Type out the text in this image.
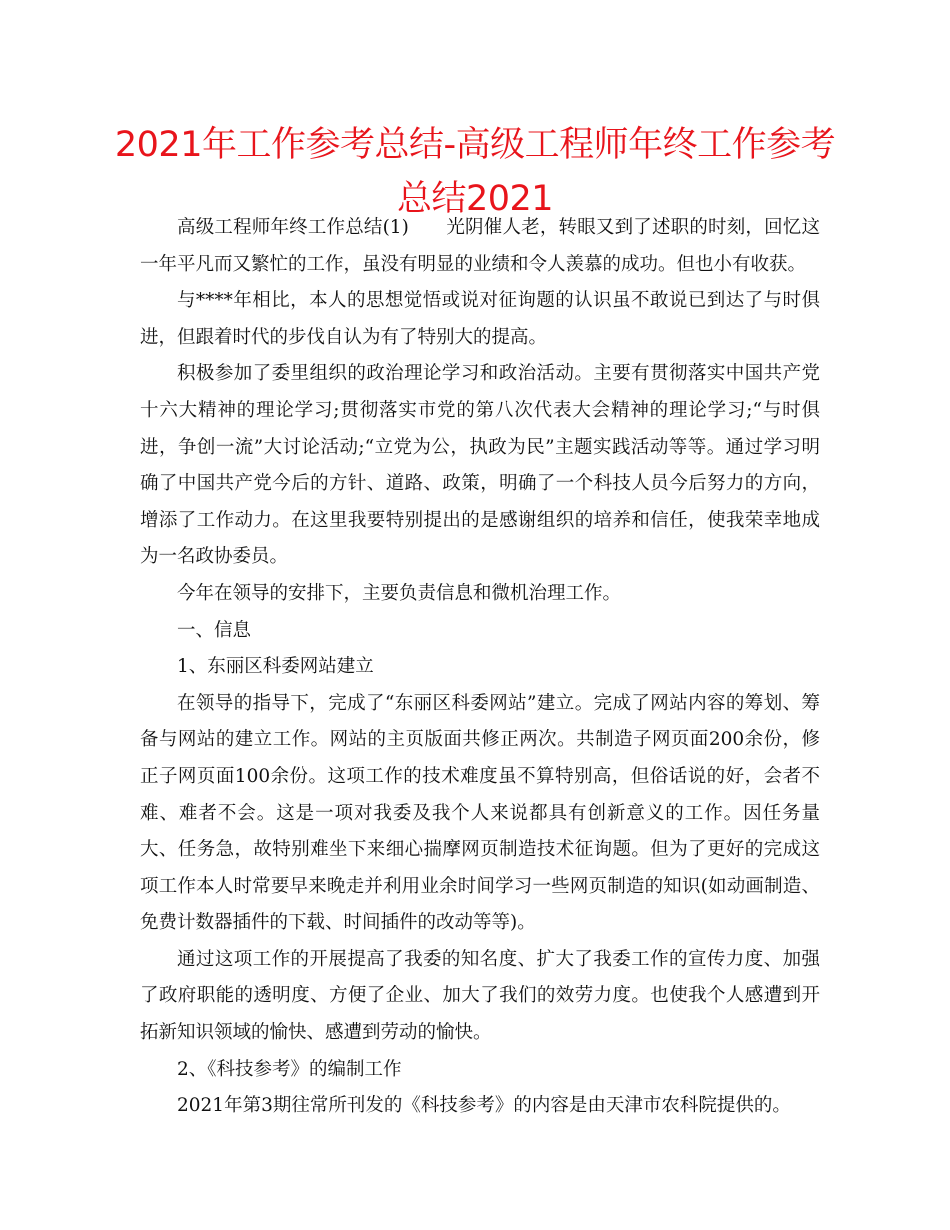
2021年工作参考总结-高级工程师年终工作参考
总结2021

高级工程师年终工作总结(1)　　光阴催人老，转眼又到了述职的时刻，回忆这一年平凡而又繁忙的工作，虽没有明显的业绩和令人羡慕的成功。但也小有收获。

与****年相比，本人的思想觉悟或说对征询题的认识虽不敢说已到达了与时俱进，但跟着时代的步伐自认为有了特别大的提高。

积极参加了委里组织的政治理论学习和政治活动。主要有贯彻落实中国共产党十六大精神的理论学习;贯彻落实市党的第八次代表大会精神的理论学习;“与时俱进，争创一流”大讨论活动;“立党为公，执政为民”主题实践活动等等。通过学习明确了中国共产党今后的方针、道路、政策，明确了一个科技人员今后努力的方向，增添了工作动力。在这里我要特别提出的是感谢组织的培养和信任，使我荣幸地成为一名政协委员。

今年在领导的安排下，主要负责信息和微机治理工作。

一、信息

1、东丽区科委网站建立

在领导的指导下，完成了“东丽区科委网站”建立。完成了网站内容的筹划、筹备与网站的建立工作。网站的主页版面共修正两次。共制造子网页面200余份，修正子网页面100余份。这项工作的技术难度虽不算特别高，但俗话说的好，会者不难、难者不会。这是一项对我委及我个人来说都具有创新意义的工作。因任务量大、任务急，故特别难坐下来细心揣摩网页制造技术征询题。但为了更好的完成这项工作本人时常要早来晚走并利用业余时间学习一些网页制造的知识(如动画制造、免费计数器插件的下载、时间插件的改动等等)。

通过这项工作的开展提高了我委的知名度、扩大了我委工作的宣传力度、加强了政府职能的透明度、方便了企业、加大了我们的效劳力度。也使我个人感遭到开拓新知识领域的愉快、感遭到劳动的愉快。

2、《科技参考》的编制工作

2021年第3期往常所刊发的《科技参考》的内容是由天津市农科院提供的。
